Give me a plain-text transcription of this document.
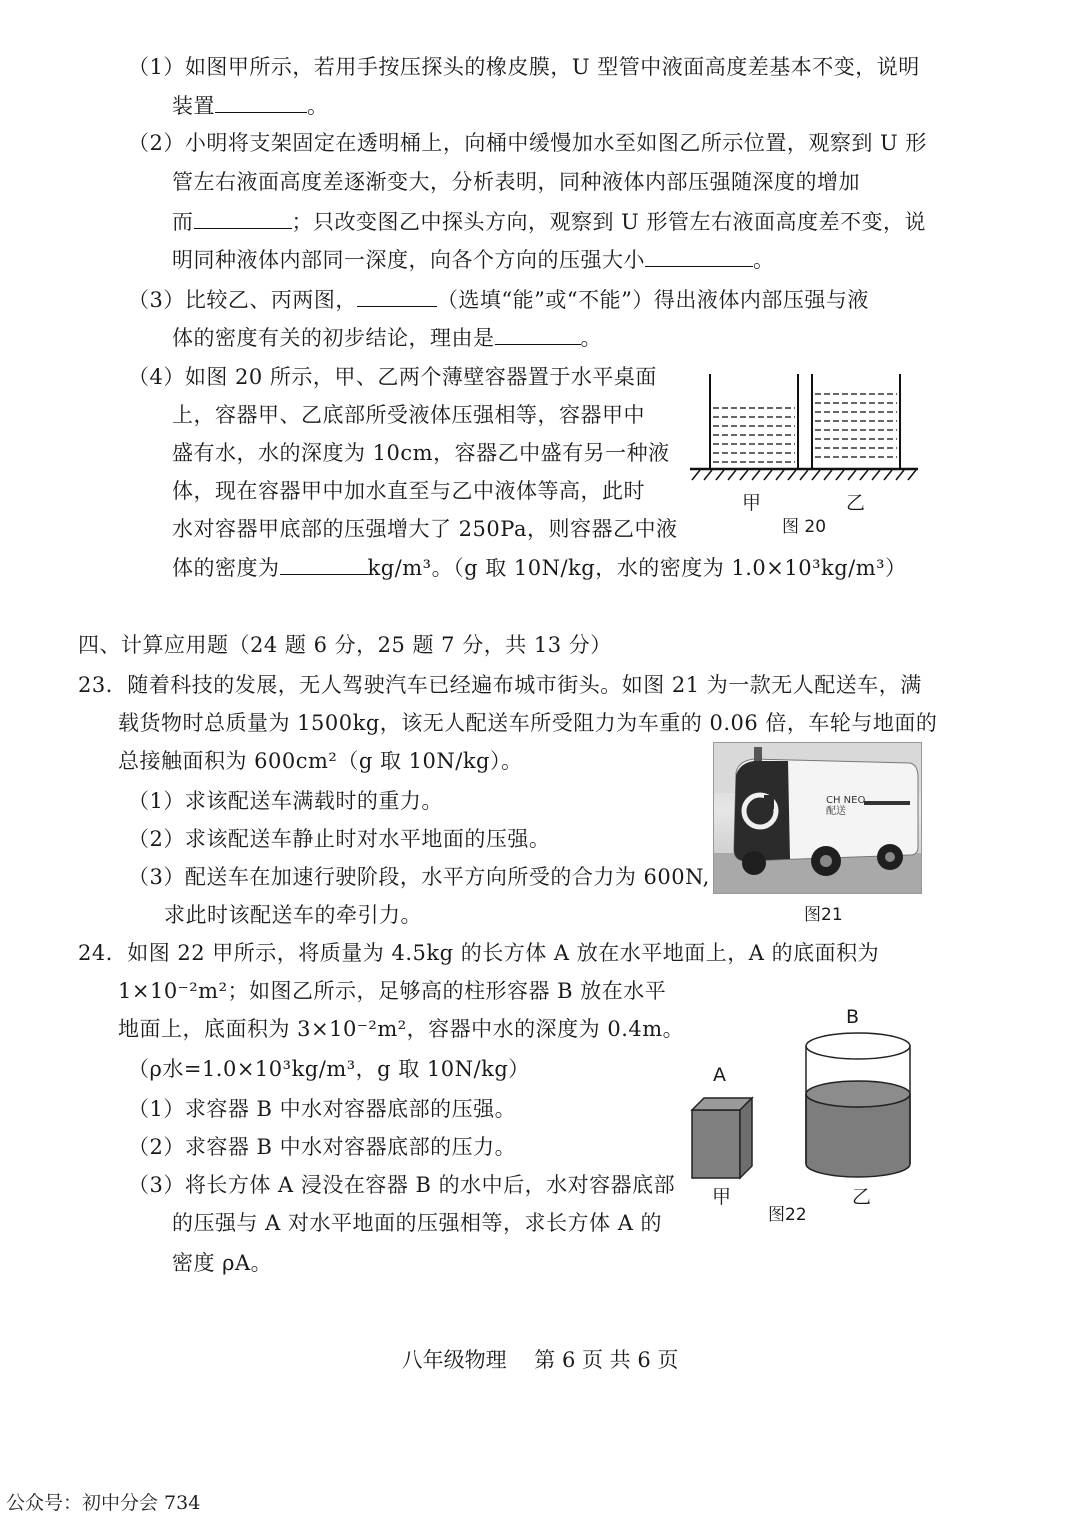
（1）如图甲所示，若用手按压探头的橡皮膜，U 型管中液面高度差基本不变，说明
装置	。
（2）小明将支架固定在透明桶上，向桶中缓慢加水至如图乙所示位置，观察到 U 形
管左右液面高度差逐渐变大，分析表明，同种液体内部压强随深度的增加
而	；只改变图乙中探头方向，观察到 U 形管左右液面高度差不变，说
明同种液体内部同一深度，向各个方向的压强大小	。
（3）比较乙、丙两图，	（选填“能”或“不能”）得出液体内部压强与液
体的密度有关的初步结论，理由是	。
（4）如图 20 所示，甲、乙两个薄壁容器置于水平桌面
上，容器甲、乙底部所受液体压强相等，容器甲中
盛有水，水的深度为 10cm，容器乙中盛有另一种液
体，现在容器甲中加水直至与乙中液体等高，此时
水对容器甲底部的压强增大了 250Pa，则容器乙中液
体的密度为	kg/m³。（g 取 10N/kg，水的密度为 1.0×10³kg/m³）
甲	乙
图 20
四、计算应用题（24 题 6 分，25 题 7 分，共 13 分）
23．随着科技的发展，无人驾驶汽车已经遍布城市街头。如图 21 为一款无人配送车，满
载货物时总质量为 1500kg，该无人配送车所受阻力为车重的 0.06 倍，车轮与地面的
总接触面积为 600cm²（g 取 10N/kg）。
（1）求该配送车满载时的重力。
（2）求该配送车静止时对水平地面的压强。
（3）配送车在加速行驶阶段，水平方向所受的合力为 600N,
求此时该配送车的牵引力。
CH NEO 配送
图21
24．如图 22 甲所示，将质量为 4.5kg 的长方体 A 放在水平地面上，A 的底面积为
1×10⁻²m²；如图乙所示，足够高的柱形容器 B 放在水平
地面上，底面积为 3×10⁻²m²，容器中水的深度为 0.4m。
（ρ水=1.0×10³kg/m³，g 取 10N/kg）
（1）求容器 B 中水对容器底部的压强。
（2）求容器 B 中水对容器底部的压力。
（3）将长方体 A 浸没在容器 B 的水中后，水对容器底部
的压强与 A 对水平地面的压强相等，求长方体 A 的
密度 ρA。
A
B
甲
图22
乙
八年级物理　 第 6 页 共 6 页
公众号：初中分会 734
